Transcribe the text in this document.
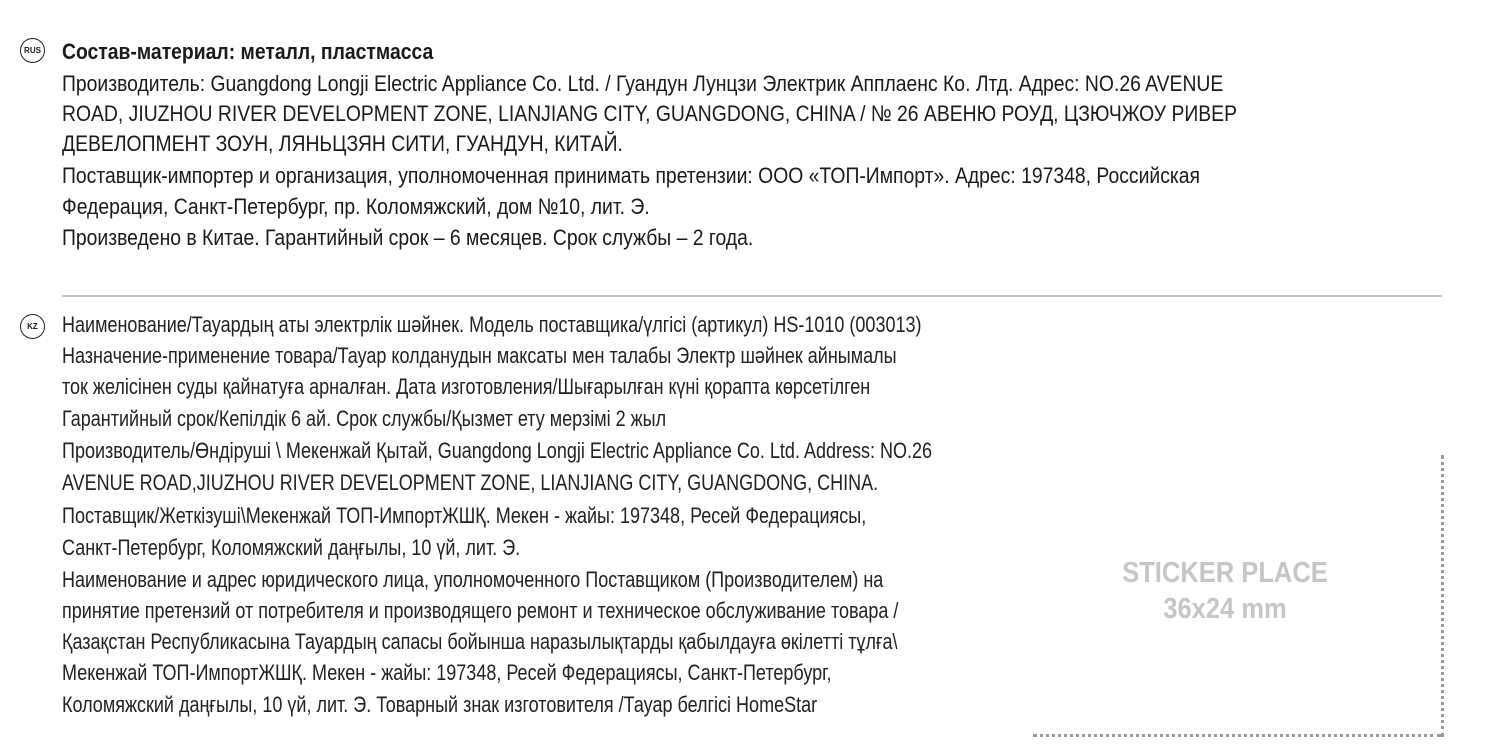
RUS Состав-материал: металл, пластмасса
Производитель: Guangdong Longji Electric Appliance Co. Ltd. / Гуандун Лунцзи Электрик Апплаенс Ко. Лтд. Адрес: NO.26 AVENUE
ROAD, JIUZHOU RIVER DEVELOPMENT ZONE, LIANJIANG CITY, GUANGDONG, CHINA / № 26 АВЕНЮ РОУД, ЦЗЮЧЖОУ РИВЕР
ДЕВЕЛОПМЕНТ ЗОУН, ЛЯНЬЦЗЯН СИТИ, ГУАНДУН, КИТАЙ.
Поставщик-импортер и организация, уполномоченная принимать претензии: ООО «ТОП-Импорт». Адрес: 197348, Российская
Федерация, Санкт-Петербург, пр. Коломяжский, дом №10, лит. Э.
Произведено в Китае. Гарантийный срок – 6 месяцев. Срок службы – 2 года.
KZ	Наименование/Тауардың аты электрлік шәйнек. Модель поставщика/үлгісі (артикул) HS-1010 (003013)
Назначение-применение товара/Тауар колданудын максаты мен талабы Электр шәйнек айнымалы
ток желісінен суды қайнатуға арналған. Дата изготовления/Шығарылған күні қорапта көрсетілген
Гарантийный срок/Кепілдік 6 ай. Срок службы/Қызмет ету мерзімі 2 жыл
Производитель/Өндіруші \ Мекенжай Қытай, Guangdong Longji Electric Appliance Co. Ltd. Address: NO.26
AVENUE ROAD,JIUZHOU RIVER DEVELOPMENT ZONE, LIANJIANG CITY, GUANGDONG, CHINA.
Поставщик/Жеткізуші\Мекенжай ТОП-ИмпортЖШҚ. Мекен - жайы: 197348, Ресей Федерациясы,
Санкт-Петербург, Коломяжский даңғылы, 10 үй, лит. Э.
Наименование и адрес юридического лица, уполномоченного Поставщиком (Производителем) на
принятие претензий от потребителя и производящего ремонт и техническое обслуживание товара /
Қазақстан Республикасына Тауардың сапасы бойынша наразылықтарды қабылдауға өкілетті тұлға\
Мекенжай ТОП-ИмпортЖШҚ. Мекен - жайы: 197348, Ресей Федерациясы, Санкт-Петербург,
Коломяжский даңғылы, 10 үй, лит. Э. Товарный знак изготовителя /Тауар белгісі HomeStar
STICKER PLACE
36x24 mm
